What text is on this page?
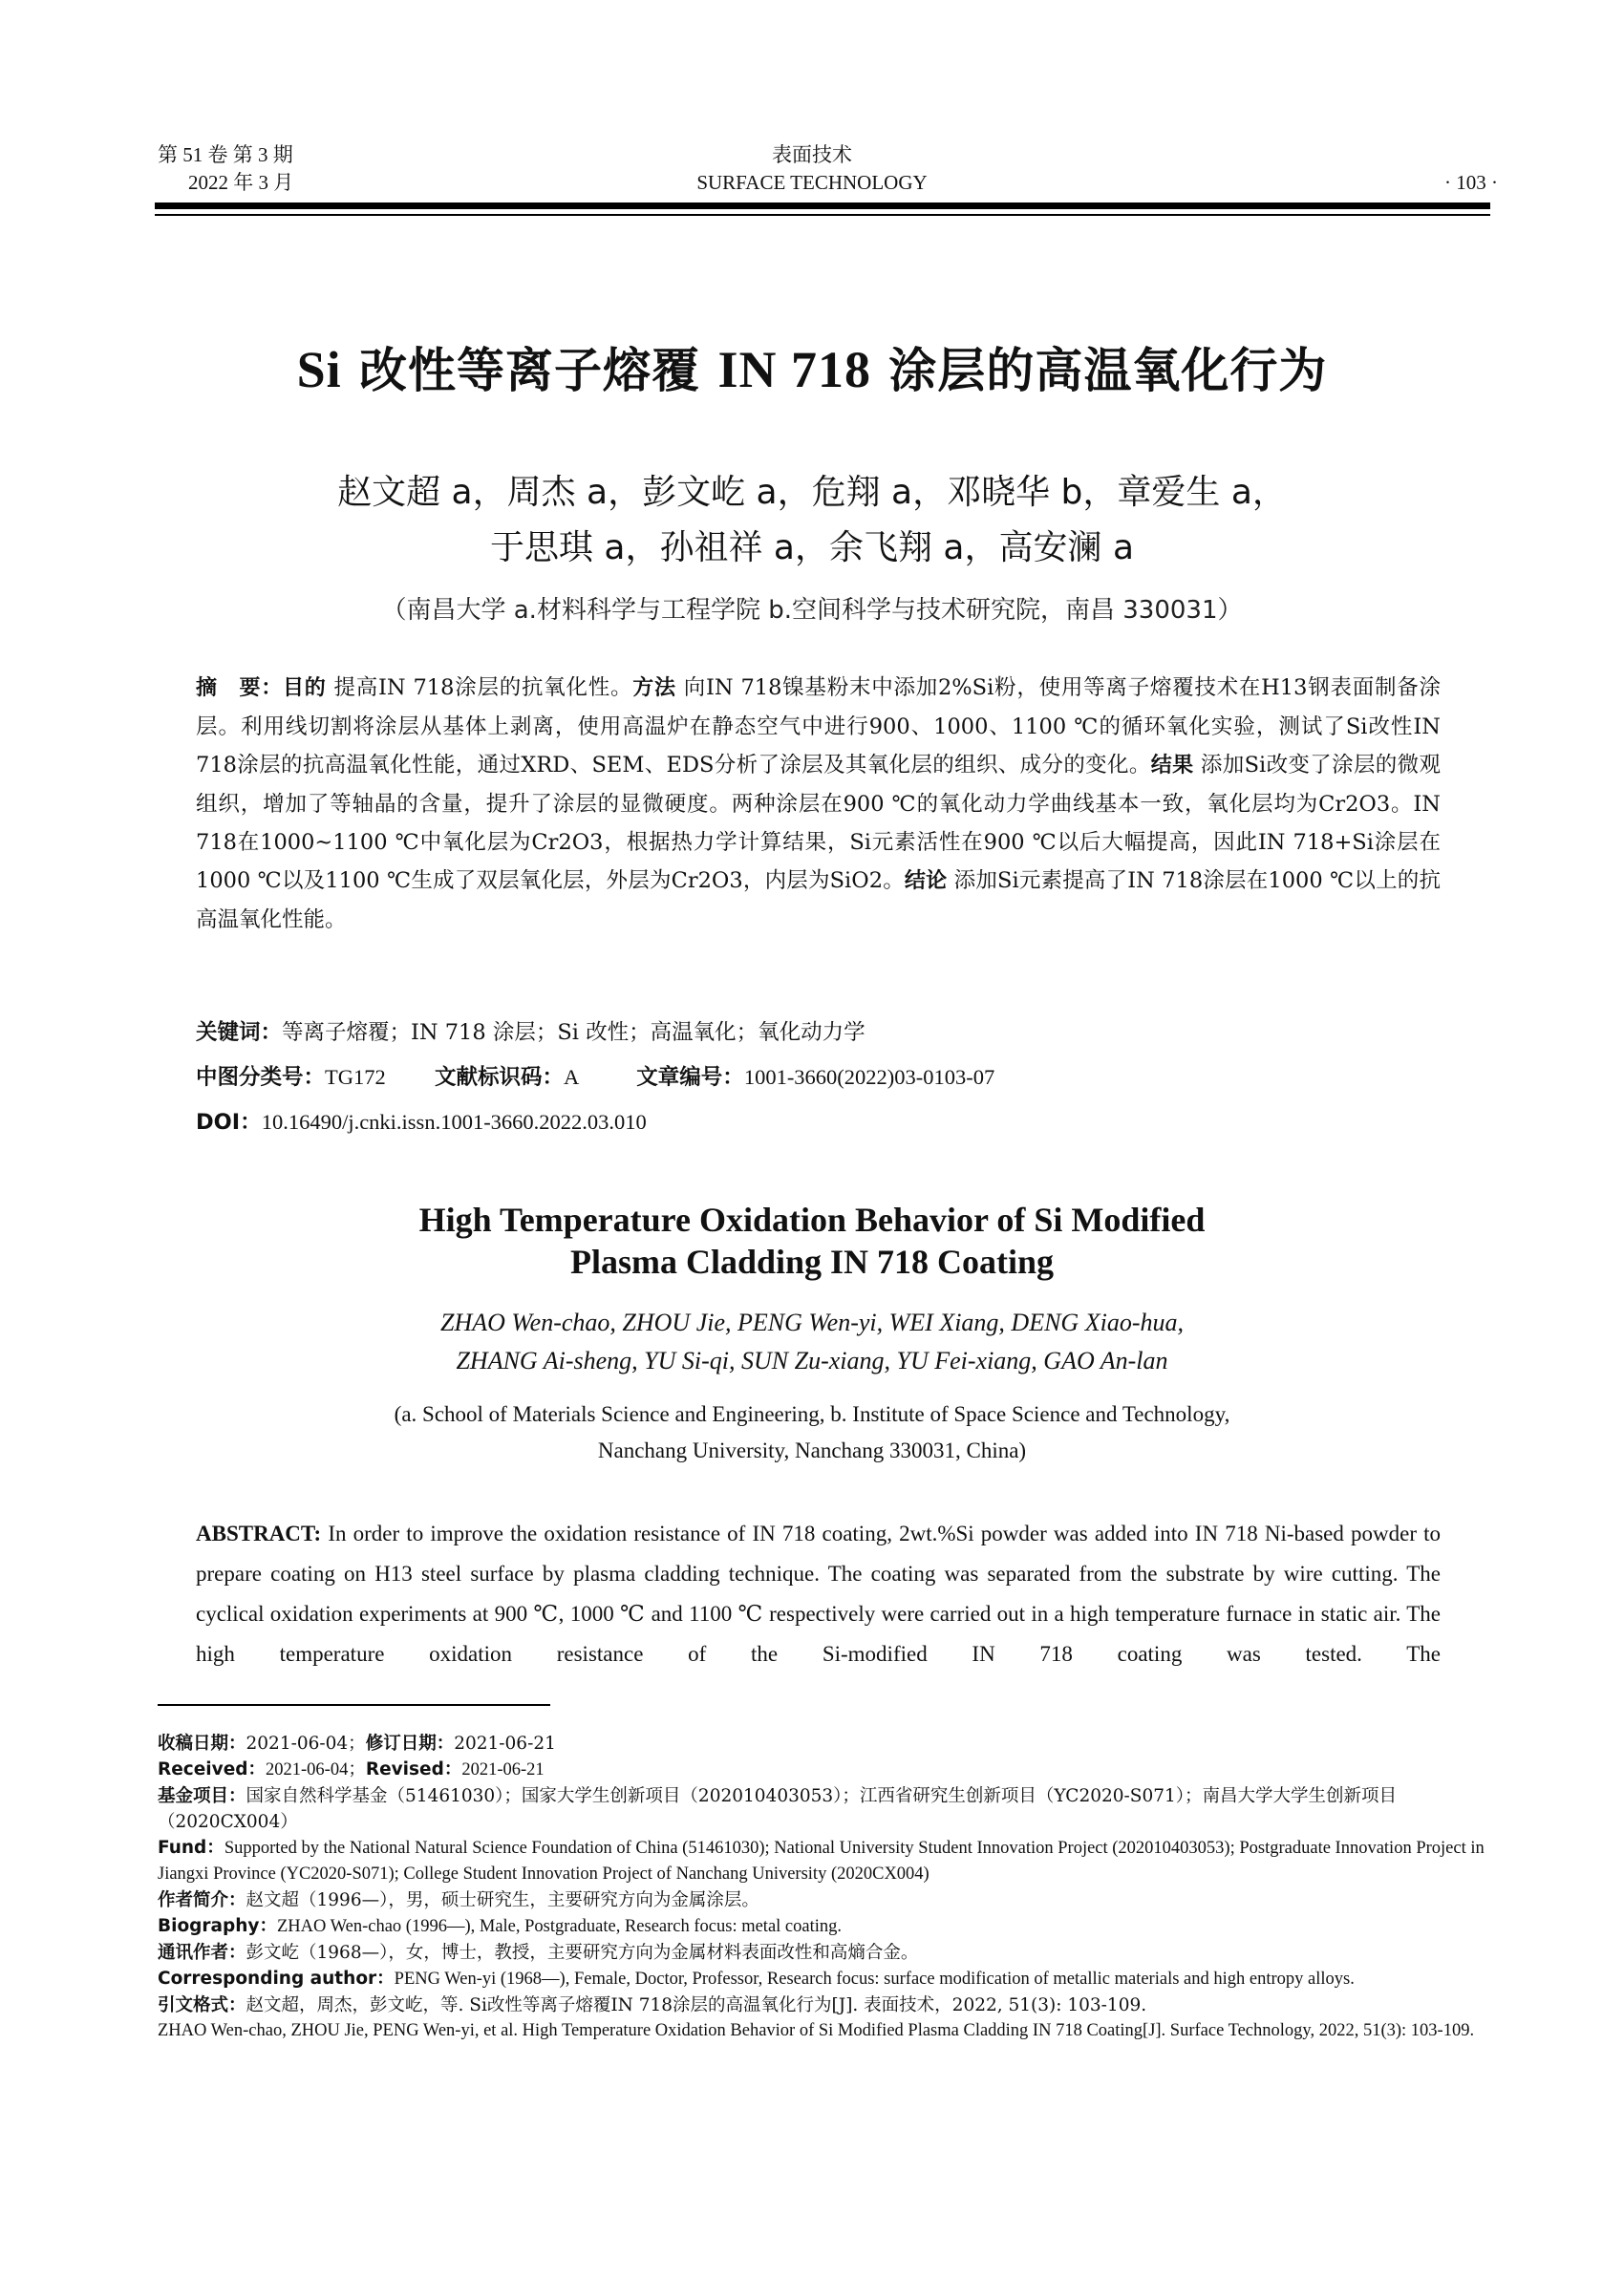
第 51 卷 第 3 期
2022 年 3 月
表面技术
SURFACE TECHNOLOGY	· 103 ·
Si 改性等离子熔覆 IN 718 涂层的高温氧化行为
赵文超 a，周杰 a，彭文屹 a，危翔 a，邓晓华 b，章爱生 a，
于思琪 a，孙祖祥 a，余飞翔 a，高安澜 a
（南昌大学 a.材料科学与工程学院 b.空间科学与技术研究院，南昌 330031）
摘　要：目的 提高IN 718涂层的抗氧化性。方法 向IN 718镍基粉末中添加2%Si粉，使用等离子熔覆技术在H13钢表面制备涂层。利用线切割将涂层从基体上剥离，使用高温炉在静态空气中进行900、1000、1100 ℃的循环氧化实验，测试了Si改性IN 718涂层的抗高温氧化性能，通过XRD、SEM、EDS分析了涂层及其氧化层的组织、成分的变化。结果 添加Si改变了涂层的微观组织，增加了等轴晶的含量，提升了涂层的显微硬度。两种涂层在900 ℃的氧化动力学曲线基本一致，氧化层均为Cr2O3。IN 718在1000~1100 ℃中氧化层为Cr2O3，根据热力学计算结果，Si元素活性在900 ℃以后大幅提高，因此IN 718+Si涂层在1000 ℃以及1100 ℃生成了双层氧化层，外层为Cr2O3，内层为SiO2。结论 添加Si元素提高了IN 718涂层在1000 ℃以上的抗高温氧化性能。
关键词：等离子熔覆；IN 718 涂层；Si 改性；高温氧化；氧化动力学
中图分类号：TG172 文献标识码：A	文章编号：1001-3660(2022)03-0103-07
DOI：10.16490/j.cnki.issn.1001-3660.2022.03.010
High Temperature Oxidation Behavior of Si Modified
Plasma Cladding IN 718 Coating
ZHAO Wen-chao, ZHOU Jie, PENG Wen-yi, WEI Xiang, DENG Xiao-hua,
ZHANG Ai-sheng, YU Si-qi, SUN Zu-xiang, YU Fei-xiang, GAO An-lan
(a. School of Materials Science and Engineering, b. Institute of Space Science and Technology,
Nanchang University, Nanchang 330031, China)
ABSTRACT: In order to improve the oxidation resistance of IN 718 coating, 2wt.%Si powder was added into IN 718 Ni-based powder to prepare coating on H13 steel surface by plasma cladding technique. The coating was separated from the substrate by wire cutting. The cyclical oxidation experiments at 900 ℃, 1000 ℃ and 1100 ℃ respectively were carried out in a high temperature furnace in static air. The high temperature oxidation resistance of the Si-modified IN 718 coating was tested. The
收稿日期：2021-06-04；修订日期：2021-06-21
Received：2021-06-04；Revised：2021-06-21
基金项目：国家自然科学基金（51461030）；国家大学生创新项目（202010403053）；江西省研究生创新项目（YC2020-S071）；南昌大学大学生创新项目（2020CX004）
Fund：Supported by the National Natural Science Foundation of China (51461030); National University Student Innovation Project (202010403053); Postgraduate Innovation Project in Jiangxi Province (YC2020-S071); College Student Innovation Project of Nanchang University (2020CX004)
作者简介：赵文超（1996—），男，硕士研究生，主要研究方向为金属涂层。
Biography：ZHAO Wen-chao (1996—), Male, Postgraduate, Research focus: metal coating.
通讯作者：彭文屹（1968—），女，博士，教授，主要研究方向为金属材料表面改性和高熵合金。
Corresponding author：PENG Wen-yi (1968—), Female, Doctor, Professor, Research focus: surface modification of metallic materials and high entropy alloys.
引文格式：赵文超，周杰，彭文屹，等. Si改性等离子熔覆IN 718涂层的高温氧化行为[J]. 表面技术，2022, 51(3): 103-109.
ZHAO Wen-chao, ZHOU Jie, PENG Wen-yi, et al. High Temperature Oxidation Behavior of Si Modified Plasma Cladding IN 718 Coating[J]. Surface Technology, 2022, 51(3): 103-109.
